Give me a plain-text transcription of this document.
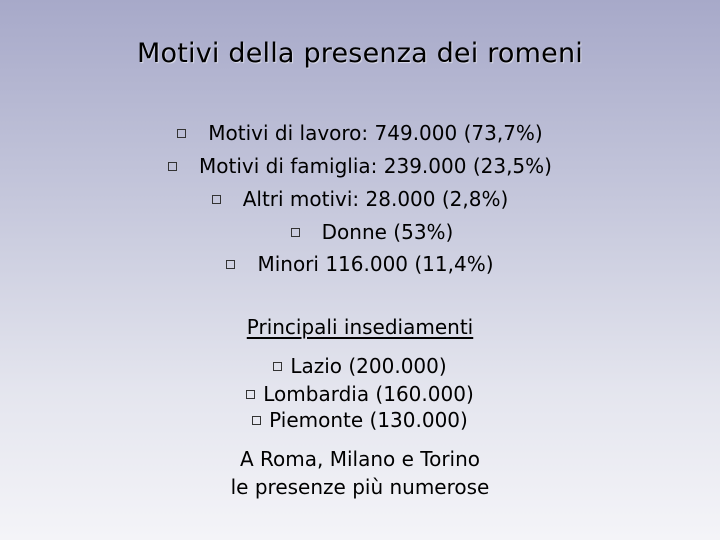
Motivi della presenza dei romeni
Motivi di lavoro: 749.000 (73,7%)
Motivi di famiglia: 239.000 (23,5%)
Altri motivi: 28.000 (2,8%)
Donne (53%)
Minori 116.000 (11,4%)
Principali insediamenti
Lazio (200.000)
Lombardia (160.000)
Piemonte (130.000)
A Roma, Milano e Torino
le presenze più numerose
